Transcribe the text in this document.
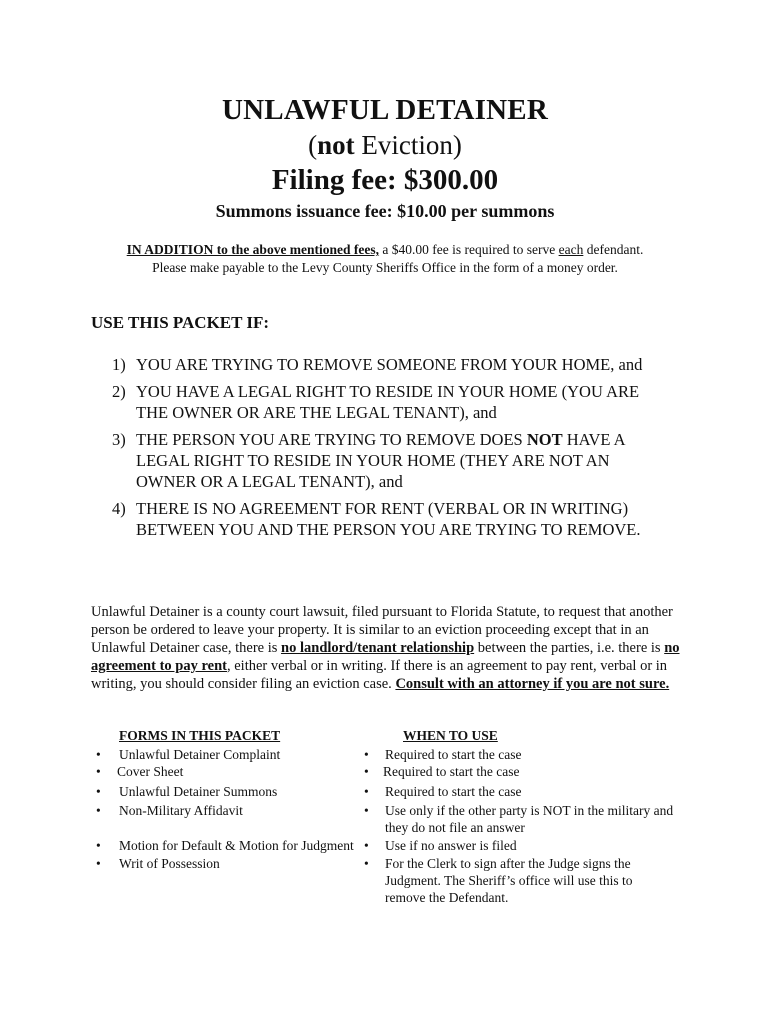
UNLAWFUL DETAINER
(not Eviction)
Filing fee: $300.00
Summons issuance fee: $10.00 per summons
IN ADDITION to the above mentioned fees, a $40.00 fee is required to serve each defendant.
Please make payable to the Levy County Sheriffs Office in the form of a money order.
USE THIS PACKET IF:
1) YOU ARE TRYING TO REMOVE SOMEONE FROM YOUR HOME, and
2) YOU HAVE A LEGAL RIGHT TO RESIDE IN YOUR HOME (YOU ARE THE OWNER OR ARE THE LEGAL TENANT), and
3) THE PERSON YOU ARE TRYING TO REMOVE DOES NOT HAVE A LEGAL RIGHT TO RESIDE IN YOUR HOME (THEY ARE NOT AN OWNER OR A LEGAL TENANT), and
4) THERE IS NO AGREEMENT FOR RENT (VERBAL OR IN WRITING) BETWEEN YOU AND THE PERSON YOU ARE TRYING TO REMOVE.

Unlawful Detainer is a county court lawsuit, filed pursuant to Florida Statute, to request that another person be ordered to leave your property. It is similar to an eviction proceeding except that in an Unlawful Detainer case, there is no landlord/tenant relationship between the parties, i.e. there is no agreement to pay rent, either verbal or in writing. If there is an agreement to pay rent, verbal or in writing, you should consider filing an eviction case. Consult with an attorney if you are not sure.

FORMS IN THIS PACKET	WHEN TO USE
• Unlawful Detainer Complaint	• Required to start the case
• Cover Sheet	• Required to start the case
• Unlawful Detainer Summons	• Required to start the case
• Non-Military Affidavit	• Use only if the other party is NOT in the military and they do not file an answer
• Motion for Default & Motion for Judgment • Use if no answer is filed
• Writ of Possession	• For the Clerk to sign after the Judge signs the Judgment. The Sheriff’s office will use this to remove the Defendant.
